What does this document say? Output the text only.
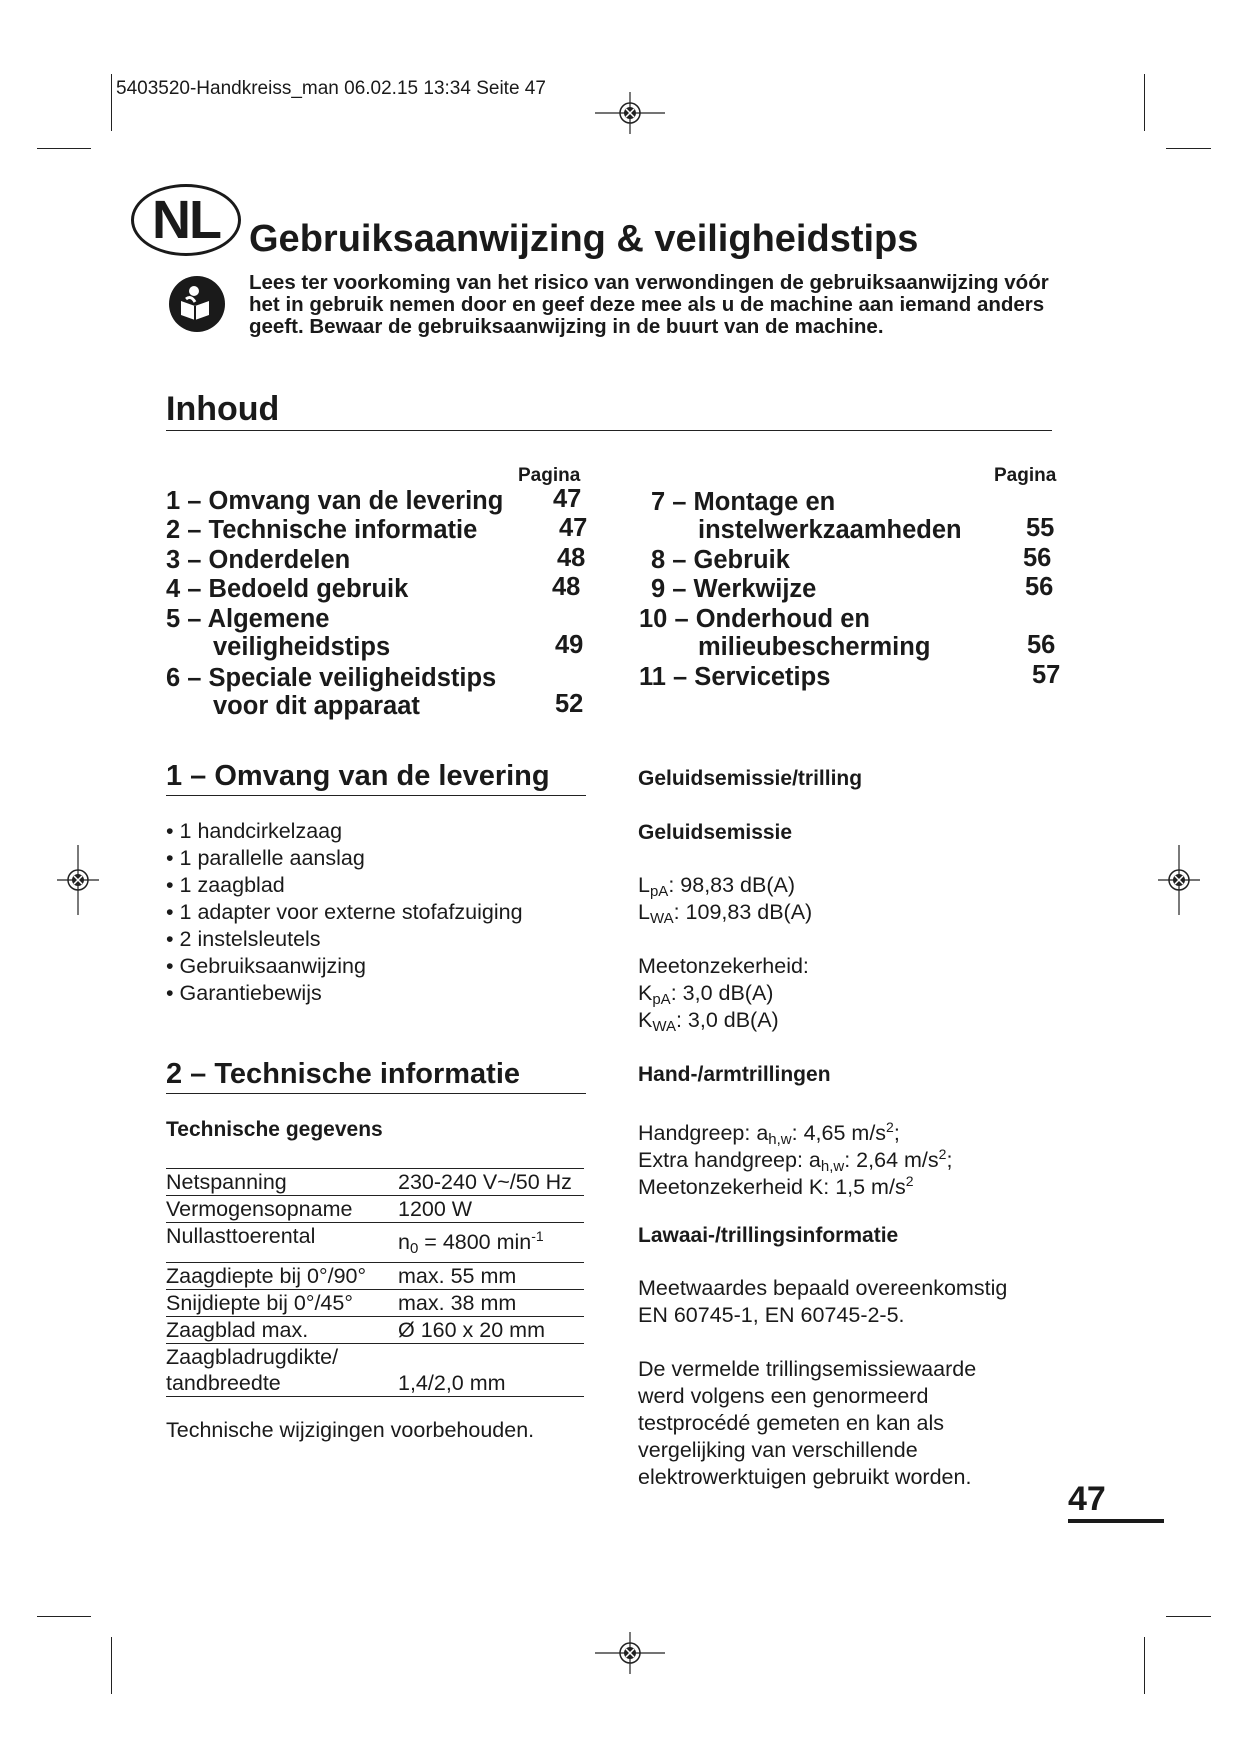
5403520-Handkreiss_man 06.02.15 13:34 Seite 47
NL Gebruiksaanwijzing & veiligheidstips
Lees ter voorkoming van het risico van verwondingen de gebruiksaanwijzing vóór het in gebruik nemen door en geef deze mee als u de machine aan iemand anders geeft. Bewaar de gebruiksaanwijzing in de buurt van de machine.
Inhoud
Pagina	Pagina
1 – Omvang van de levering 47
2 – Technische informatie	47
3 – Onderdelen	48
4 – Bedoeld gebruik	48
5 – Algemene
veiligheidstips	49
6 – Speciale veiligheidstips
voor dit apparaat	52
7 – Montage en
instelwerkzaamheden	55
8 – Gebruik	56
9 – Werkwijze	56
10 – Onderhoud en
milieubescherming	56
11 – Servicetips	57
1 – Omvang van de levering
• 1 handcirkelzaag
• 1 parallelle aanslag
• 1 zaagblad
• 1 adapter voor externe stofafzuiging
• 2 instelsleutels
• Gebruiksaanwijzing
• Garantiebewijs
2 – Technische informatie
Technische gegevens
Netspanning	230-240 V~/50 Hz
Vermogensopname	1200 W
Nullasttoerental	$n_0 = 4800$ $\min^{-1}$
Zaagdiepte bij 0°/90°	max. 55 mm
Snijdiepte bij 0°/45°	max. 38 mm
Zaagblad max.	Ø 160 x 20 mm

Zaagbladrugdikte/
tandbreedte	1,4/2,0 mm
Technische wijzigingen voorbehouden.
Geluidsemissie/trilling
Geluidsemissie
$L_{pA}$: 98,83 dB(A)
$L_{WA}$: 109,83 dB(A)
Meetonzekerheid:
$K_{pA}$: 3,0 dB(A)
$K_{WA}$: 3,0 dB(A)
Hand-/armtrillingen
Handgreep: $a_{h,w}$: 4,65 $m/s^2$;
Extra handgreep: $a_{h,w}$: 2,64 $m/s^2$;
Meetonzekerheid K: 1,5 $m/s^2$
Lawaai-/trillingsinformatie
Meetwaardes bepaald overeenkomstig
EN 60745-1, EN 60745-2-5.
De vermelde trillingsemissiewaarde
werd volgens een genormeerd
testprocédé gemeten en kan als
vergelijking van verschillende
elektrowerktuigen gebruikt worden.
47
